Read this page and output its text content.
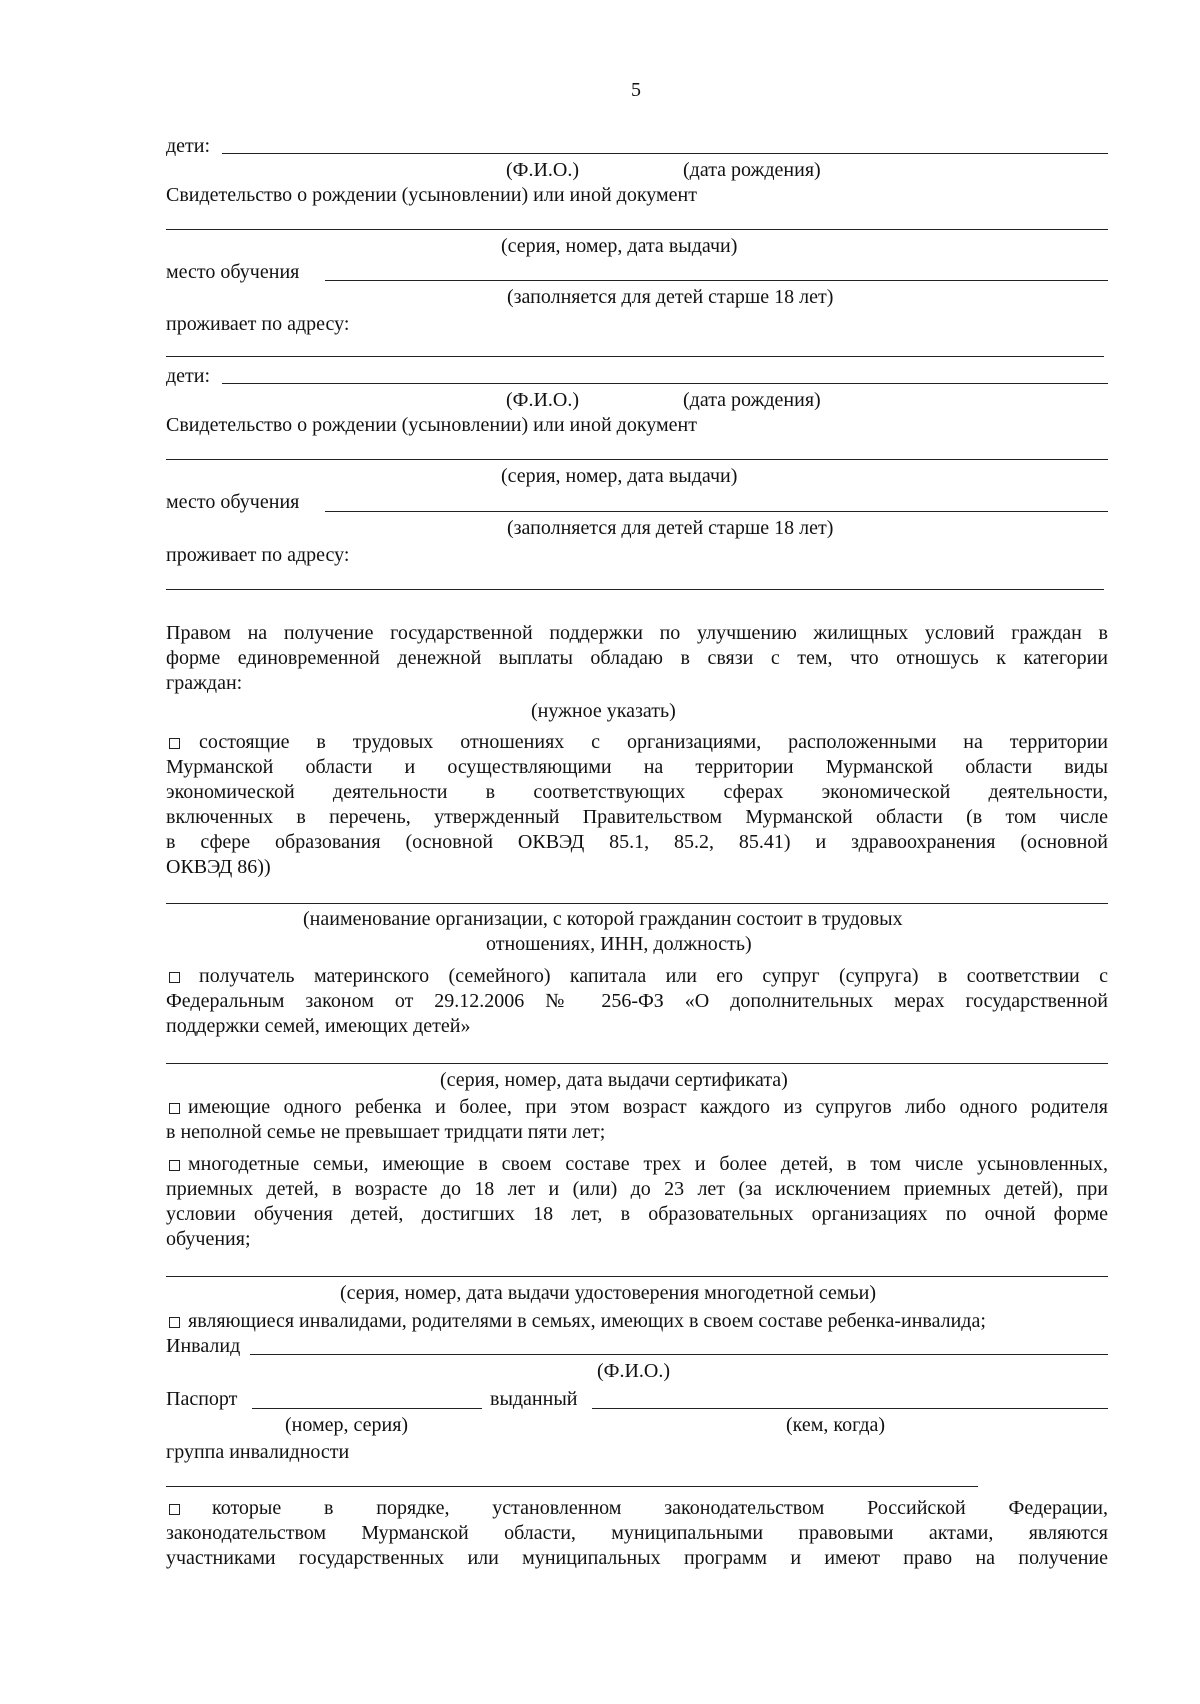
5
дети:
(Ф.И.О.)	(дата рождения)
Свидетельство о рождении (усыновлении) или иной документ
(серия, номер, дата выдачи)
место обучения
(заполняется для детей старше 18 лет)
проживает по адресу:
дети:
(Ф.И.О.)	(дата рождения)
Свидетельство о рождении (усыновлении) или иной документ
(серия, номер, дата выдачи)
место обучения
(заполняется для детей старше 18 лет)
проживает по адресу:
Правом на получение государственной поддержки по улучшению жилищных условий граждан в
форме единовременной денежной выплаты обладаю в связи с тем, что отношусь к категории
граждан:
(нужное указать)
состоящие в трудовых отношениях с организациями, расположенными на территории
Мурманской области и осуществляющими на территории Мурманской области виды
экономической деятельности в соответствующих сферах экономической деятельности,
включенных в перечень, утвержденный Правительством Мурманской области (в том числе
в сфере образования (основной ОКВЭД 85.1, 85.2, 85.41) и здравоохранения (основной
ОКВЭД 86))
(наименование организации, с которой гражданин состоит в трудовых
отношениях, ИНН, должность)
получатель материнского (семейного) капитала или его супруг (супруга) в соответствии с
Федеральным законом от 29.12.2006 № 256-ФЗ «О дополнительных мерах государственной
поддержки семей, имеющих детей»
(серия, номер, дата выдачи сертификата)
имеющие одного ребенка и более, при этом возраст каждого из супругов либо одного родителя
в неполной семье не превышает тридцати пяти лет;
многодетные семьи, имеющие в своем составе трех и более детей, в том числе усыновленных,
приемных детей, в возрасте до 18 лет и (или) до 23 лет (за исключением приемных детей), при
условии обучения детей, достигших 18 лет, в образовательных организациях по очной форме
обучения;
(серия, номер, дата выдачи удостоверения многодетной семьи)
являющиеся инвалидами, родителями в семьях, имеющих в своем составе ребенка-инвалида;
Инвалид
(Ф.И.О.)
Паспорт	выданный
(номер, серия)	(кем, когда)
группа инвалидности
которые в порядке, установленном законодательством Российской Федерации,
законодательством Мурманской области, муниципальными правовыми актами, являются
участниками государственных или муниципальных программ и имеют право на получение
